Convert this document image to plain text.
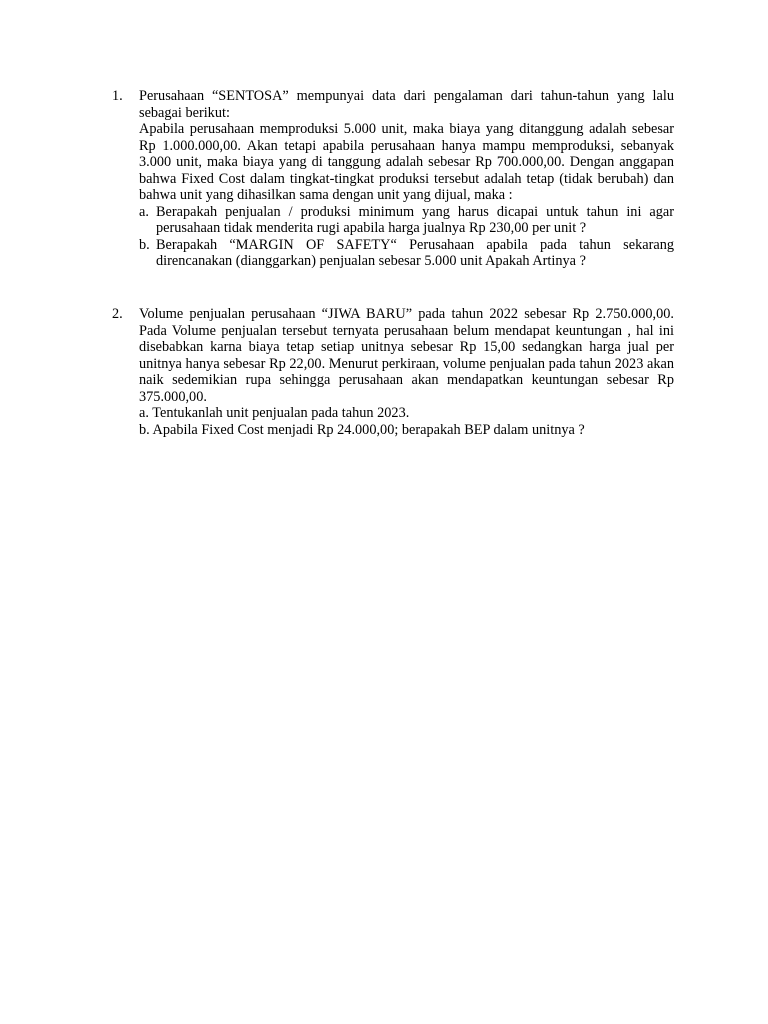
1.	Perusahaan “SENTOSA” mempunyai data dari pengalaman dari tahun-tahun yang lalu sebagai berikut:

Apabila perusahaan memproduksi 5.000 unit, maka biaya yang ditanggung adalah sebesar Rp 1.000.000,00. Akan tetapi apabila perusahaan hanya mampu memproduksi, sebanyak 3.000 unit, maka biaya yang di tanggung adalah sebesar Rp 700.000,00. Dengan anggapan bahwa Fixed Cost dalam tingkat-tingkat produksi tersebut adalah tetap (tidak berubah) dan bahwa unit yang dihasilkan sama dengan unit yang dijual, maka :

a. Berapakah penjualan / produksi minimum yang harus dicapai untuk tahun ini agar perusahaan tidak menderita rugi apabila harga jualnya Rp 230,00 per unit ?
b. Berapakah “MARGIN OF SAFETY“ Perusahaan apabila pada tahun sekarang direncanakan (dianggarkan) penjualan sebesar 5.000 unit Apakah Artinya ?
2.	Volume penjualan perusahaan “JIWA BARU” pada tahun 2022 sebesar Rp 2.750.000,00. Pada Volume penjualan tersebut ternyata perusahaan belum mendapat keuntungan , hal ini disebabkan karna biaya tetap setiap unitnya sebesar Rp 15,00 sedangkan harga jual per unitnya hanya sebesar Rp 22,00. Menurut perkiraan, volume penjualan pada tahun 2023 akan naik sedemikian rupa sehingga perusahaan akan mendapatkan keuntungan sebesar Rp 375.000,00.

a. Tentukanlah unit penjualan pada tahun 2023.

b. Apabila Fixed Cost menjadi Rp 24.000,00; berapakah BEP dalam unitnya ?
